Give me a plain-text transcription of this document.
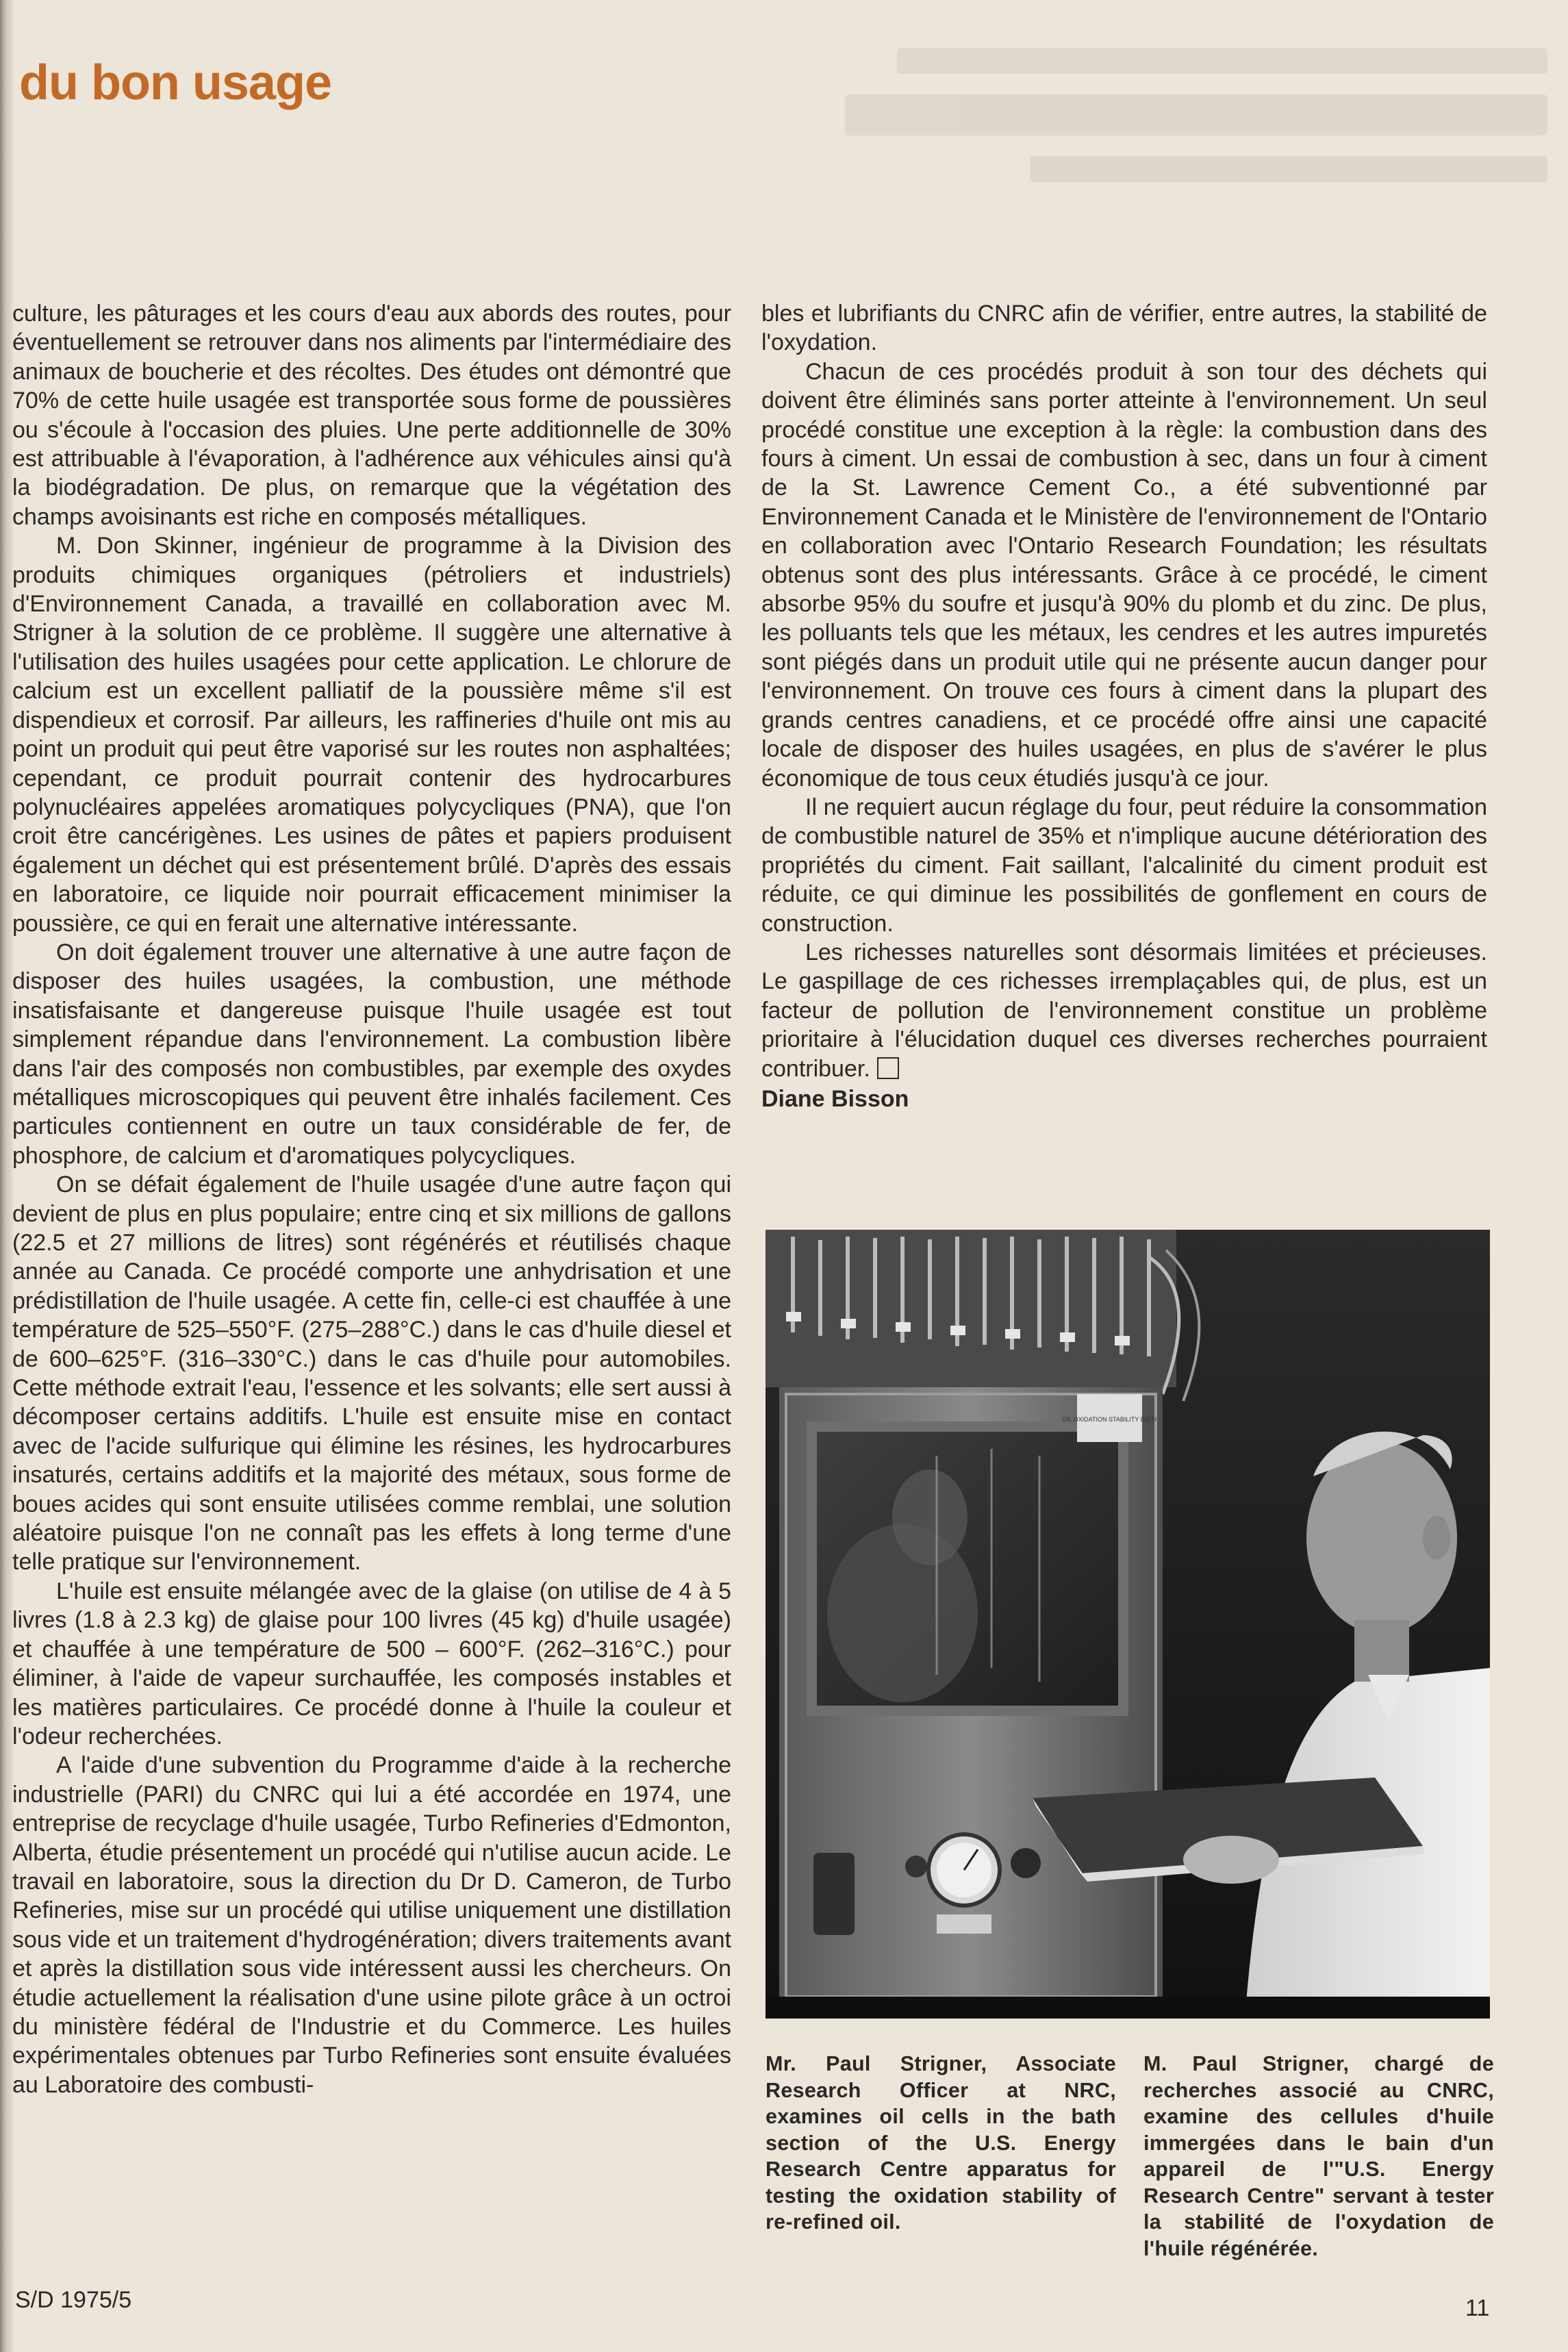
du bon usage

culture, les pâturages et les cours d'eau aux abords des routes, pour éventuellement se retrouver dans nos aliments par l'intermédiaire des animaux de boucherie et des récoltes. Des études ont démontré que 70% de cette huile usagée est transportée sous forme de poussières ou s'écoule à l'occasion des pluies. Une perte additionnelle de 30% est attribuable à l'évaporation, à l'adhérence aux véhicules ainsi qu'à la biodégradation. De plus, on remarque que la végétation des champs avoisinants est riche en composés métalliques.

M. Don Skinner, ingénieur de programme à la Division des produits chimiques organiques (pétroliers et industriels) d'Environnement Canada, a travaillé en collaboration avec M. Strigner à la solution de ce problème. Il suggère une alternative à l'utilisation des huiles usagées pour cette application. Le chlorure de calcium est un excellent palliatif de la poussière même s'il est dispendieux et corrosif. Par ailleurs, les raffineries d'huile ont mis au point un produit qui peut être vaporisé sur les routes non asphaltées; cependant, ce produit pourrait contenir des hydrocarbures polynucléaires appelées aromatiques polycycliques (PNA), que l'on croit être cancérigènes. Les usines de pâtes et papiers produisent également un déchet qui est présentement brûlé. D'après des essais en laboratoire, ce liquide noir pourrait efficacement minimiser la poussière, ce qui en ferait une alternative intéressante.

On doit également trouver une alternative à une autre façon de disposer des huiles usagées, la combustion, une méthode insatisfaisante et dangereuse puisque l'huile usagée est tout simplement répandue dans l'environnement. La combustion libère dans l'air des composés non combustibles, par exemple des oxydes métalliques microscopiques qui peuvent être inhalés facilement. Ces particules contiennent en outre un taux considérable de fer, de phosphore, de calcium et d'aromatiques polycycliques.

On se défait également de l'huile usagée d'une autre façon qui devient de plus en plus populaire; entre cinq et six millions de gallons (22.5 et 27 millions de litres) sont régénérés et réutilisés chaque année au Canada. Ce procédé comporte une anhydrisation et une prédistillation de l'huile usagée. A cette fin, celle-ci est chauffée à une température de 525–550°F. (275–288°C.) dans le cas d'huile diesel et de 600–625°F. (316–330°C.) dans le cas d'huile pour automobiles. Cette méthode extrait l'eau, l'essence et les solvants; elle sert aussi à décomposer certains additifs. L'huile est ensuite mise en contact avec de l'acide sulfurique qui élimine les résines, les hydrocarbures insaturés, certains additifs et la majorité des métaux, sous forme de boues acides qui sont ensuite utilisées comme remblai, une solution aléatoire puisque l'on ne connaît pas les effets à long terme d'une telle pratique sur l'environnement.

L'huile est ensuite mélangée avec de la glaise (on utilise de 4 à 5 livres (1.8 à 2.3 kg) de glaise pour 100 livres (45 kg) d'huile usagée) et chauffée à une température de 500 – 600°F. (262–316°C.) pour éliminer, à l'aide de vapeur surchauffée, les composés instables et les matières particulaires. Ce procédé donne à l'huile la couleur et l'odeur recherchées.

A l'aide d'une subvention du Programme d'aide à la recherche industrielle (PARI) du CNRC qui lui a été accordée en 1974, une entreprise de recyclage d'huile usagée, Turbo Refineries d'Edmonton, Alberta, étudie présentement un procédé qui n'utilise aucun acide. Le travail en laboratoire, sous la direction du Dr D. Cameron, de Turbo Refineries, mise sur un procédé qui utilise uniquement une distillation sous vide et un traitement d'hydrogénération; divers traitements avant et après la distillation sous vide intéressent aussi les chercheurs. On étudie actuellement la réalisation d'une usine pilote grâce à un octroi du ministère fédéral de l'Industrie et du Commerce. Les huiles expérimentales obtenues par Turbo Refineries sont ensuite évaluées au Laboratoire des combusti-

bles et lubrifiants du CNRC afin de vérifier, entre autres, la stabilité de l'oxydation.

Chacun de ces procédés produit à son tour des déchets qui doivent être éliminés sans porter atteinte à l'environnement. Un seul procédé constitue une exception à la règle: la combustion dans des fours à ciment. Un essai de combustion à sec, dans un four à ciment de la St. Lawrence Cement Co., a été subventionné par Environnement Canada et le Ministère de l'environnement de l'Ontario en collaboration avec l'Ontario Research Foundation; les résultats obtenus sont des plus intéressants. Grâce à ce procédé, le ciment absorbe 95% du soufre et jusqu'à 90% du plomb et du zinc. De plus, les polluants tels que les métaux, les cendres et les autres impuretés sont piégés dans un produit utile qui ne présente aucun danger pour l'environnement. On trouve ces fours à ciment dans la plupart des grands centres canadiens, et ce procédé offre ainsi une capacité locale de disposer des huiles usagées, en plus de s'avérer le plus économique de tous ceux étudiés jusqu'à ce jour.

Il ne requiert aucun réglage du four, peut réduire la consommation de combustible naturel de 35% et n'implique aucune détérioration des propriétés du ciment. Fait saillant, l'alcalinité du ciment produit est réduite, ce qui diminue les possibilités de gonflement en cours de construction.

Les richesses naturelles sont désormais limitées et précieuses. Le gaspillage de ces richesses irremplaçables qui, de plus, est un facteur de pollution de l'environnement constitue un problème prioritaire à l'élucidation duquel ces diverses recherches pourraient contribuer.

Diane Bisson

OIL OXIDATION STABILITY BATH
Mr. Paul Strigner, Associate Research Officer at NRC, examines oil cells in the bath section of the U.S. Energy Research Centre apparatus for testing the oxidation stability of re-refined oil.
M. Paul Strigner, chargé de recherches associé au CNRC, examine des cellules d'huile immergées dans le bain d'un appareil de l'"U.S. Energy Research Centre" servant à tester la stabilité de l'oxydation de l'huile régénérée.
S/D 1975/5	11
